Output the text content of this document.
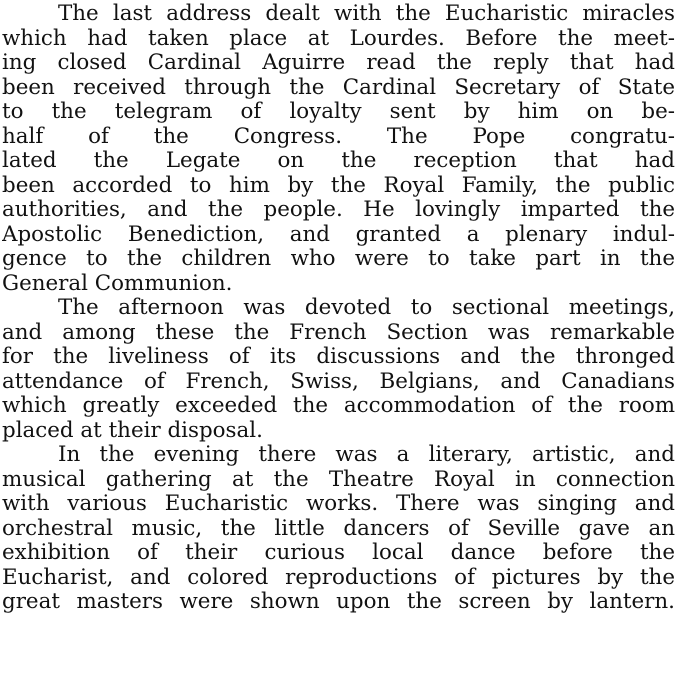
The last address dealt with the Eucharistic miracles
which had taken place at Lourdes. Before the meet-
ing closed Cardinal Aguirre read the reply that had
been received through the Cardinal Secretary of State
to the telegram of loyalty sent by him on be-
half of the Congress. The Pope congratu-
lated the Legate on the reception that had
been accorded to him by the Royal Family, the public
authorities, and the people. He lovingly imparted the
Apostolic Benediction, and granted a plenary indul-
gence to the children who were to take part in the
General Communion.
The afternoon was devoted to sectional meetings,
and among these the French Section was remarkable
for the liveliness of its discussions and the thronged
attendance of French, Swiss, Belgians, and Canadians
which greatly exceeded the accommodation of the room
placed at their disposal.
In the evening there was a literary, artistic, and
musical gathering at the Theatre Royal in connection
with various Eucharistic works. There was singing and
orchestral music, the little dancers of Seville gave an
exhibition of their curious local dance before the
Eucharist, and colored reproductions of pictures by the
great masters were shown upon the screen by lantern.
